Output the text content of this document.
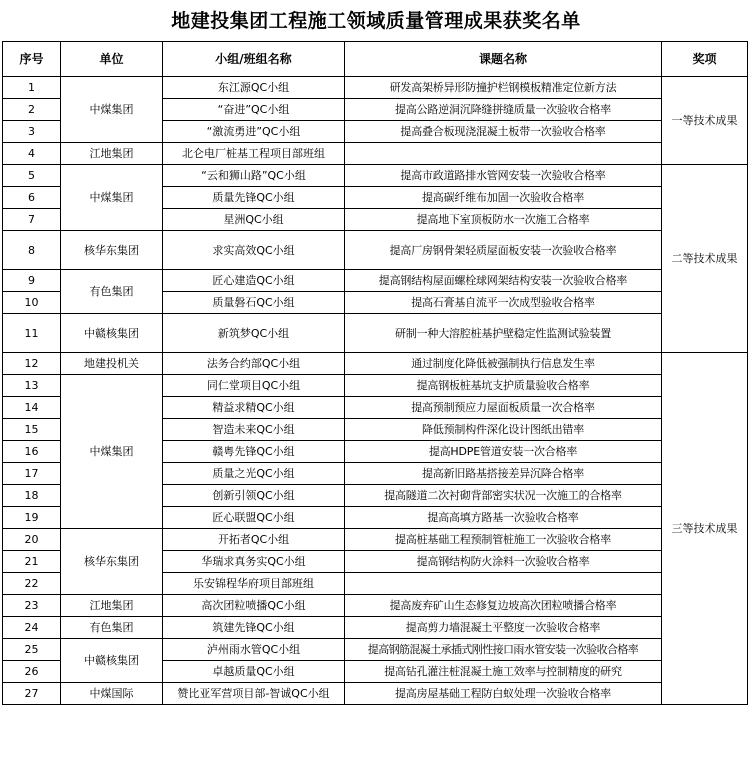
地建投集团工程施工领域质量管理成果获奖名单
序号	单位	小组/班组名称	课题名称	奖项
1	中煤集团	东江源QC小组	研发高架桥异形防撞护栏钢模板精准定位新方法	一等技术成果
2		“奋进”QC小组	提高公路逆洞沉降缝拼缝质量一次验收合格率	
3		“激流勇进”QC小组	提高叠合板现浇混凝土板带一次验收合格率	
4	江地集团	北仑电厂桩基工程项目部班组		
5	中煤集团	“云和狮山路”QC小组	提高市政道路排水管网安装一次验收合格率	二等技术成果
6		质量先锋QC小组	提高碳纤维布加固一次验收合格率	
7		星洲QC小组	提高地下室顶板防水一次施工合格率	
8	核华东集团	求实高效QC小组	提高厂房钢骨架轻质屋面板安装一次验收合格率	
9	有色集团	匠心建造QC小组	提高钢结构屋面螺栓球网架结构安装一次验收合格率	
10		质量磐石QC小组	提高石膏基自流平一次成型验收合格率	
11	中赣核集团	新筑梦QC小组	研制一种大溶腔桩基护壁稳定性监测试验装置	
12	地建投机关	法务合约部QC小组	通过制度化降低被强制执行信息发生率	三等技术成果
13	中煤集团	同仁堂项目QC小组	提高钢板桩基坑支护质量验收合格率	
14		精益求精QC小组	提高预制预应力屋面板质量一次合格率	
15		智造未来QC小组	降低预制构件深化设计图纸出错率	
16		赣粤先锋QC小组	提高HDPE管道安装一次合格率	
17		质量之光QC小组	提高新旧路基搭接差异沉降合格率	
18		创新引领QC小组	提高隧道二次衬砌背部密实状况一次施工的合格率	
19		匠心联盟QC小组	提高高填方路基一次验收合格率	
20	核华东集团	开拓者QC小组	提高桩基础工程预制管桩施工一次验收合格率	
21		华瑞求真务实QC小组	提高钢结构防火涂料一次验收合格率	
22		乐安锦程华府项目部班组		
23	江地集团	高次团粒喷播QC小组	提高废弃矿山生态修复边坡高次团粒喷播合格率	
24	有色集团	筑建先锋QC小组	提高剪力墙混凝土平整度一次验收合格率	
25	中赣核集团	泸州雨水管QC小组	提高钢筋混凝土承插式刚性接口雨水管安装一次验收合格率	
26		卓越质量QC小组	提高钻孔灌注桩混凝土施工效率与控制精度的研究	
27	中煤国际	赞比亚军营项目部-智诚QC小组	提高房屋基础工程防白蚁处理一次验收合格率	
